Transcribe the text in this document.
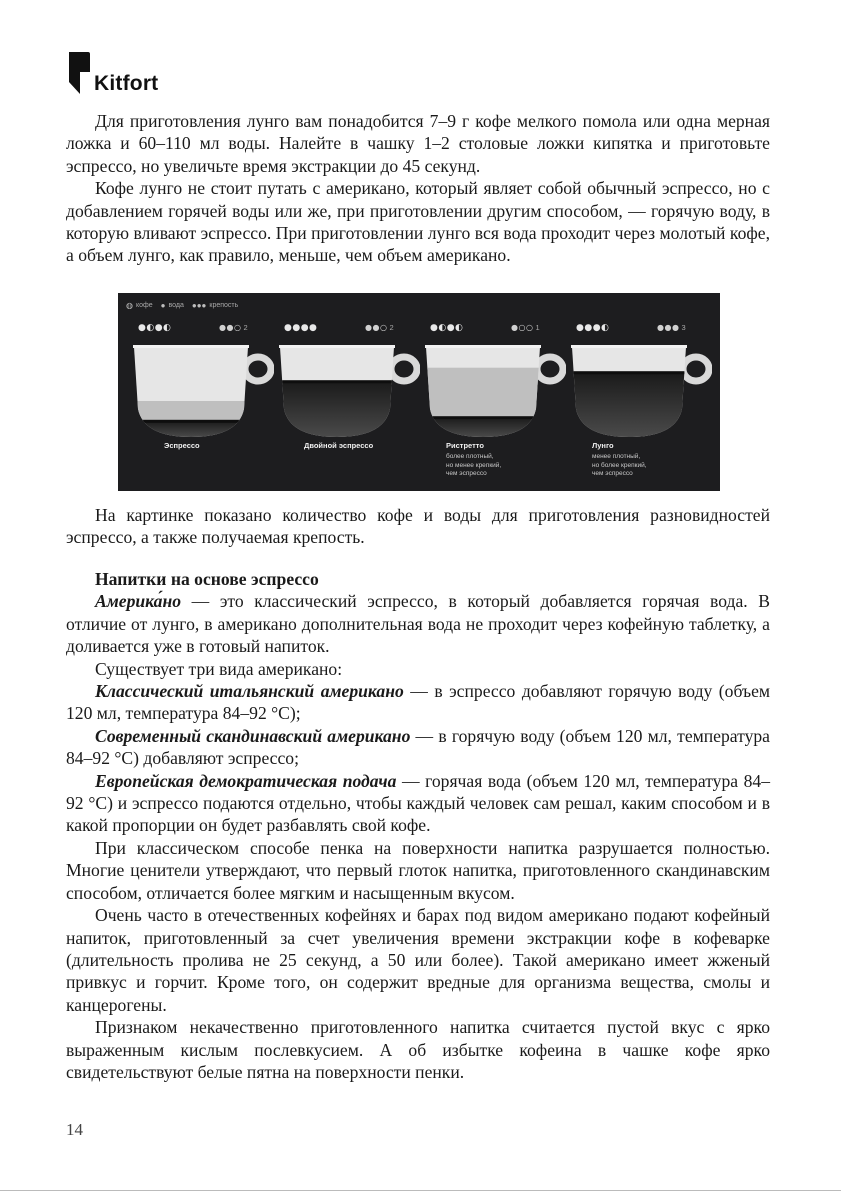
Kitfort

Для приготовления лунго вам понадобится 7–9 г кофе мелкого помола или одна мерная ложка и 60–110 мл воды. Налейте в чашку 1–2 столовые ложки кипятка и приготовьте эспрессо, но увеличьте время экстракции до 45 секунд.

Кофе лунго не стоит путать с американо, который являет собой обычный эспрессо, но с добавлением горячей воды или же, при приготовлении другим способом, — горячую воду, в которую вливают эспрессо. При приготовлении лунго вся вода проходит через молотый кофе, а объем лунго, как правило, меньше, чем объем американо.

◍ кофе ● вода ●●● крепость
●◐●◐	●●○ 2
Эспрессо
●●●●	●●○ 2
Двойной эспрессо
●◐●◐	●○○ 1
Ристретто
более плотный,
но менее крепкий,
чем эспрессо
●●●◐	●●● 3
Лунго
менее плотный,
но более крепкий,
чем эспрессо

На картинке показано количество кофе и воды для приготовления разновидностей эспрессо, а также получаемая крепость.

Напитки на основе эспрессо

Америка́но — это классический эспрессо, в который добавляется горячая вода. В отличие от лунго, в американо дополнительная вода не проходит через кофейную таблетку, а доливается уже в готовый напиток.

Существует три вида американо:

Классический итальянский американо — в эспрессо добавляют горячую воду (объем 120 мл, температура 84–92 °C);

Современный скандинавский американо — в горячую воду (объем 120 мл, температура 84–92 °C) добавляют эспрессо;

Европейская демократическая подача — горячая вода (объем 120 мл, температура 84–92 °C) и эспрессо подаются отдельно, чтобы каждый человек сам решал, каким способом и в какой пропорции он будет разбавлять свой кофе.

При классическом способе пенка на поверхности напитка разрушается полностью. Многие ценители утверждают, что первый глоток напитка, приготовленного скандинавским способом, отличается более мягким и насыщенным вкусом.

Очень часто в отечественных кофейнях и барах под видом американо подают кофейный напиток, приготовленный за счет увеличения времени экстракции кофе в кофеварке (длительность пролива не 25 секунд, а 50 или более). Такой американо имеет жженый привкус и горчит. Кроме того, он содержит вредные для организма вещества, смолы и канцерогены.

Признаком некачественно приготовленного напитка считается пустой вкус с ярко выраженным кислым послевкусием. А об избытке кофеина в чашке кофе ярко свидетельствуют белые пятна на поверхности пенки.

14
